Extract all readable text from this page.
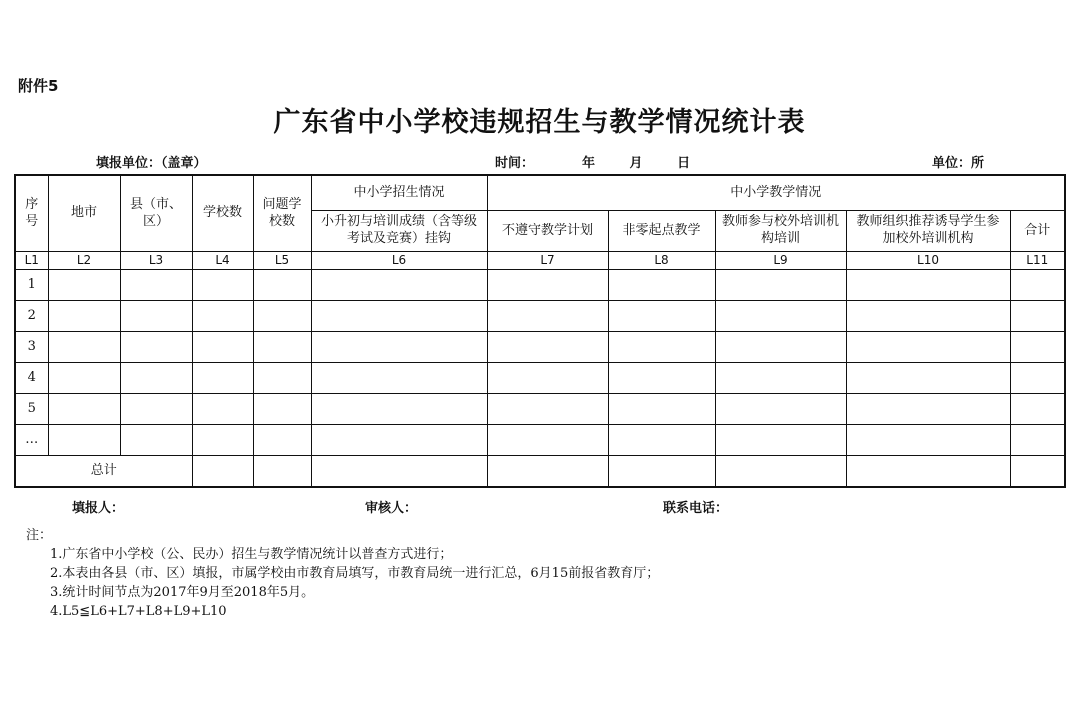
附件5
广东省中小学校违规招生与教学情况统计表
填报单位：（盖章）	时间：	年	月	日	单位：所
序号	地市	县（市、区）	学校数	问题学校数	中小学招生情况	中小学教学情况				
					小升初与培训成绩（含等级考试及竞赛）挂钩	不遵守教学计划	非零起点教学	教师参与校外培训机构培训	教师组织推荐诱导学生参加校外培训机构	合计
L1	L2	L3	L4	L5	L6	L7	L8	L9	L10	L11
1										
2										
3										
4										
5										
…										
总计										
填报人：	审核人：	联系电话：
注：
1.广东省中小学校（公、民办）招生与教学情况统计以普查方式进行；
2.本表由各县（市、区）填报，市属学校由市教育局填写，市教育局统一进行汇总，6月15前报省教育厅；
3.统计时间节点为2017年9月至2018年5月。
4.L5≦L6+L7+L8+L9+L10
